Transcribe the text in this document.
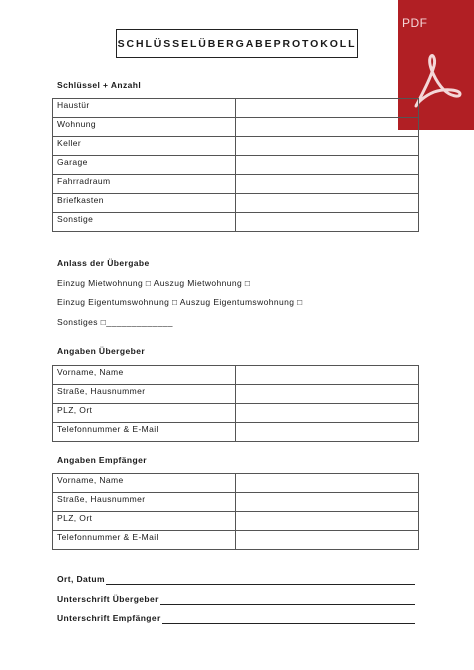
SCHLÜSSELÜBERGABEPROTOKOLL
PDF
Schlüssel + Anzahl
Haustür	
Wohnung	
Keller	
Garage	
Fahrradraum	
Briefkasten	
Sonstige	
Anlass der Übergabe
Einzug Mietwohnung □ Auszug Mietwohnung □
Einzug Eigentumswohnung □ Auszug Eigentumswohnung □
Sonstiges □_____________
Angaben Übergeber
Vorname, Name	
Straße, Hausnummer	
PLZ, Ort	
Telefonnummer & E-Mail	
Angaben Empfänger
Vorname, Name	
Straße, Hausnummer	
PLZ, Ort	
Telefonnummer & E-Mail	
Ort, Datum
Unterschrift Übergeber
Unterschrift Empfänger
